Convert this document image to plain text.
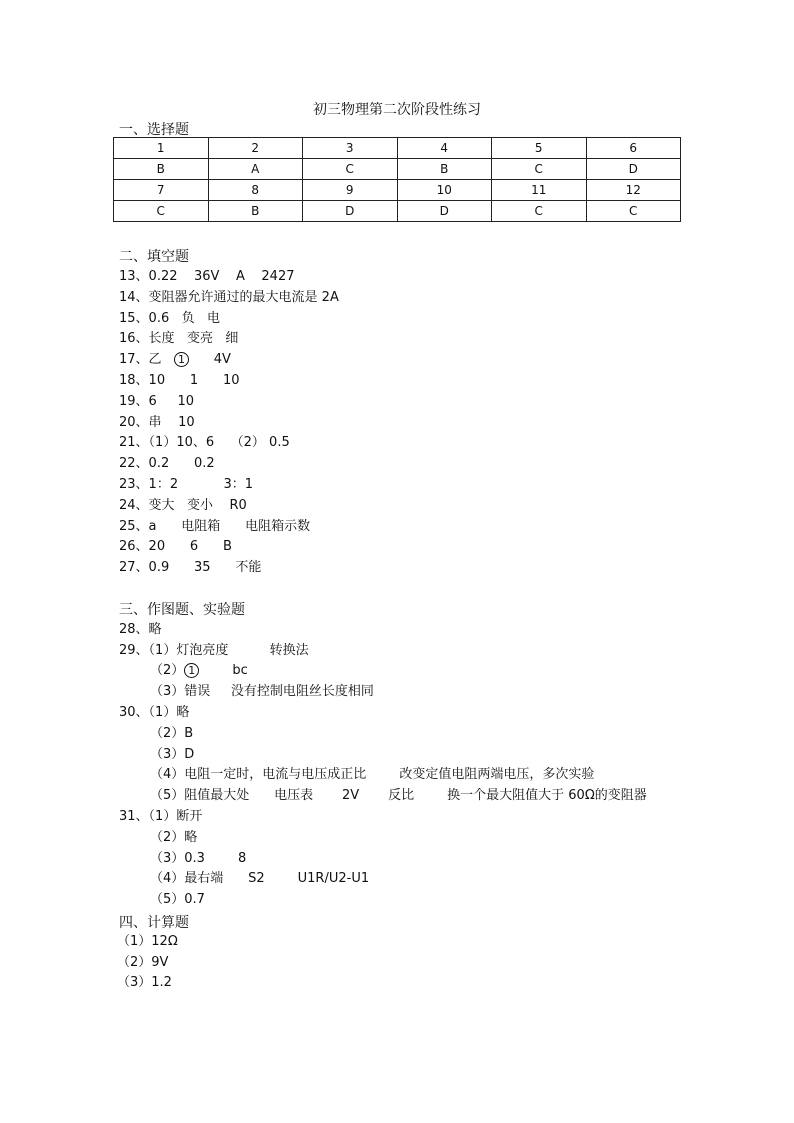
初三物理第二次阶段性练习
一、选择题
1	2	3	4	5	6
B	A	C	B	C	D
7	8	9	10	11	12
C	B	D	D	C	C
二、填空题
13、0.22    36V    A    2427
14、变阻器允许通过的最大电流是 2A
15、0.6   负   电
16、长度   变亮   细
17、乙 1 4V
18、10      1      10
19、6     10
20、串    10
21、（1）10、6    （2） 0.5
22、0.2      0.2
23、1：2           3：1
24、变大   变小    R0
25、a      电阻箱      电阻箱示数
26、20      6      B
27、0.9      35      不能
三、作图题、实验题
28、略
29、（1）灯泡亮度          转换法
（2） 1	bc
（3）错误     没有控制电阻丝长度相同
30、（1）略
（2）B
（3）D
（4）电阻一定时，电流与电压成正比        改变定值电阻两端电压，多次实验
（5）阻值最大处      电压表       2V       反比        换一个最大阻值大于 60Ω的变阻器
31、（1）断开
（2）略
（3）0.3        8
（4）最右端      S2        U1R/U2-U1
（5）0.7
四、计算题
（1）12Ω
（2）9V
（3）1.2
